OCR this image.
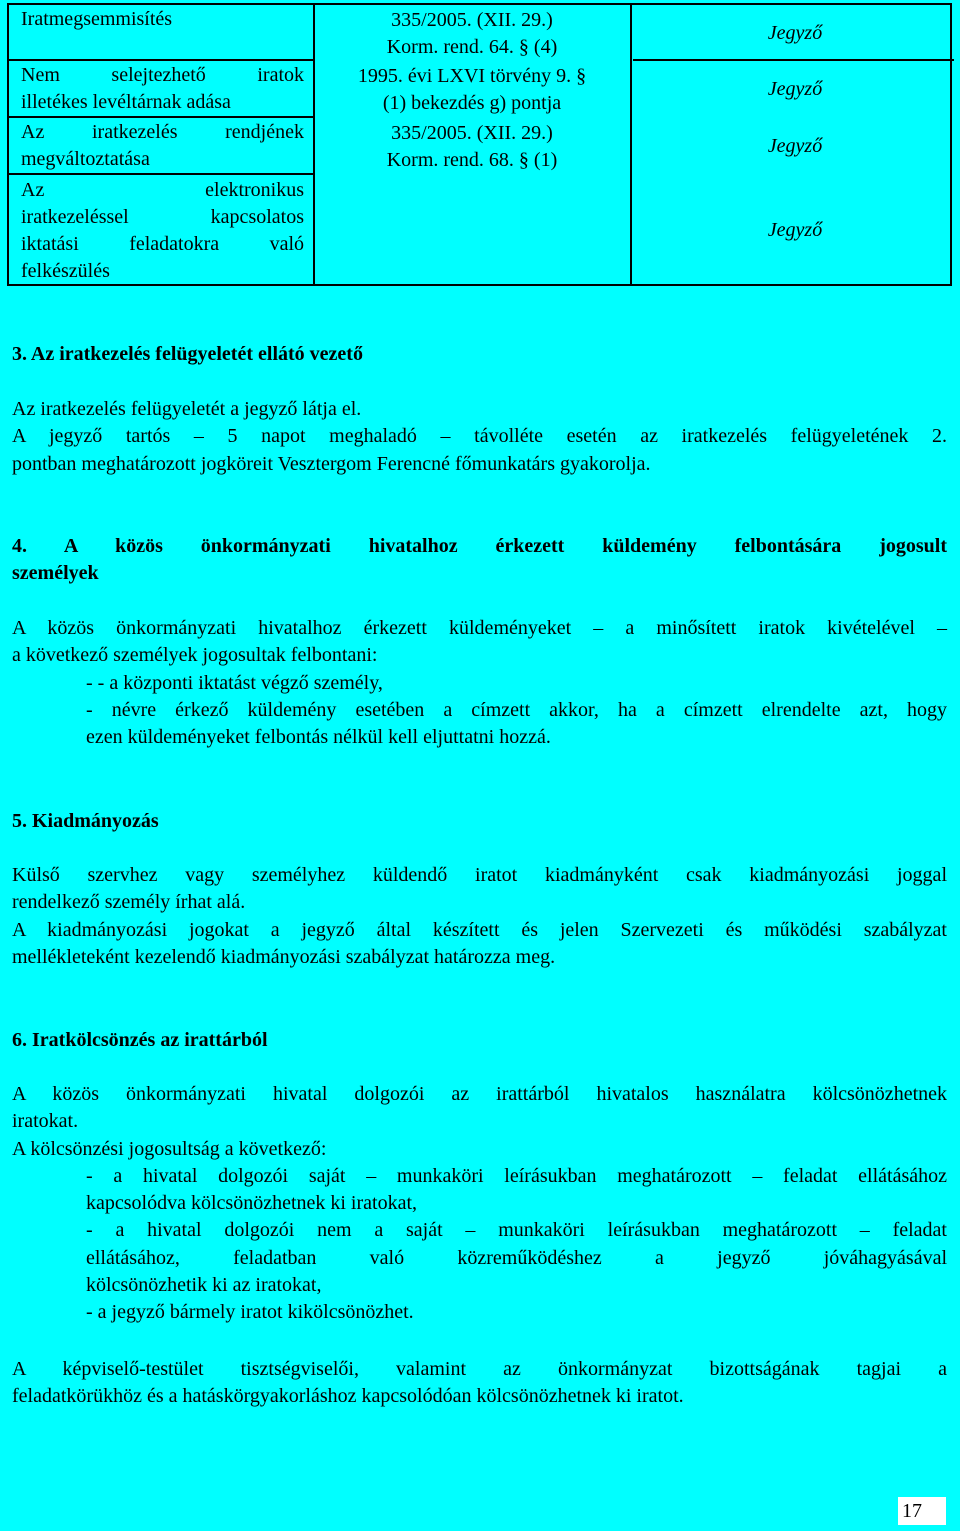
Iratmegsemmisítés	335/2005. (XII. 29.)
Korm. rend. 64. § (4)
Jegyző
Nem selejtezhető iratok
illetékes levéltárnak adása
1995. évi LXVI törvény 9. §
(1) bekezdés g) pontja
Jegyző
Az iratkezelés rendjének
megváltoztatása
335/2005. (XII. 29.)
Korm. rend. 68. § (1)
Jegyző
Az elektronikus
iratkezeléssel kapcsolatos
iktatási feladatokra való
felkészülés
Jegyző
3. Az iratkezelés felügyeletét ellátó vezető
Az iratkezelés felügyeletét a jegyző látja el.
A jegyző tartós – 5 napot meghaladó – távolléte esetén az iratkezelés felügyeletének 2.
pontban meghatározott jogköreit Vesztergom Ferencné főmunkatárs gyakorolja.
4. A közös önkormányzati hivatalhoz érkezett küldemény felbontására jogosult
személyek
A közös önkormányzati hivatalhoz érkezett küldeményeket – a minősített iratok kivételével –
a következő személyek jogosultak felbontani:
- - a központi iktatást végző személy,
- névre érkező küldemény esetében a címzett akkor, ha a címzett elrendelte azt, hogy
ezen küldeményeket felbontás nélkül kell eljuttatni hozzá.
5. Kiadmányozás
Külső szervhez vagy személyhez küldendő iratot kiadmányként csak kiadmányozási joggal
rendelkező személy írhat alá.
A kiadmányozási jogokat a jegyző által készített és jelen Szervezeti és működési szabályzat
mellékleteként kezelendő kiadmányozási szabályzat határozza meg.
6. Iratkölcsönzés az irattárból
A közös önkormányzati hivatal dolgozói az irattárból hivatalos használatra kölcsönözhetnek
iratokat.
A kölcsönzési jogosultság a következő:
- a hivatal dolgozói saját – munkaköri leírásukban meghatározott – feladat ellátásához
kapcsolódva kölcsönözhetnek ki iratokat,
- a hivatal dolgozói nem a saját – munkaköri leírásukban meghatározott – feladat
ellátásához, feladatban való közreműködéshez a jegyző jóváhagyásával
kölcsönözhetik ki az iratokat,
- a jegyző bármely iratot kikölcsönözhet.
A képviselő-testület tisztségviselői, valamint az önkormányzat bizottságának tagjai a
feladatkörükhöz és a hatáskörgyakorláshoz kapcsolódóan kölcsönözhetnek ki iratot.
17
